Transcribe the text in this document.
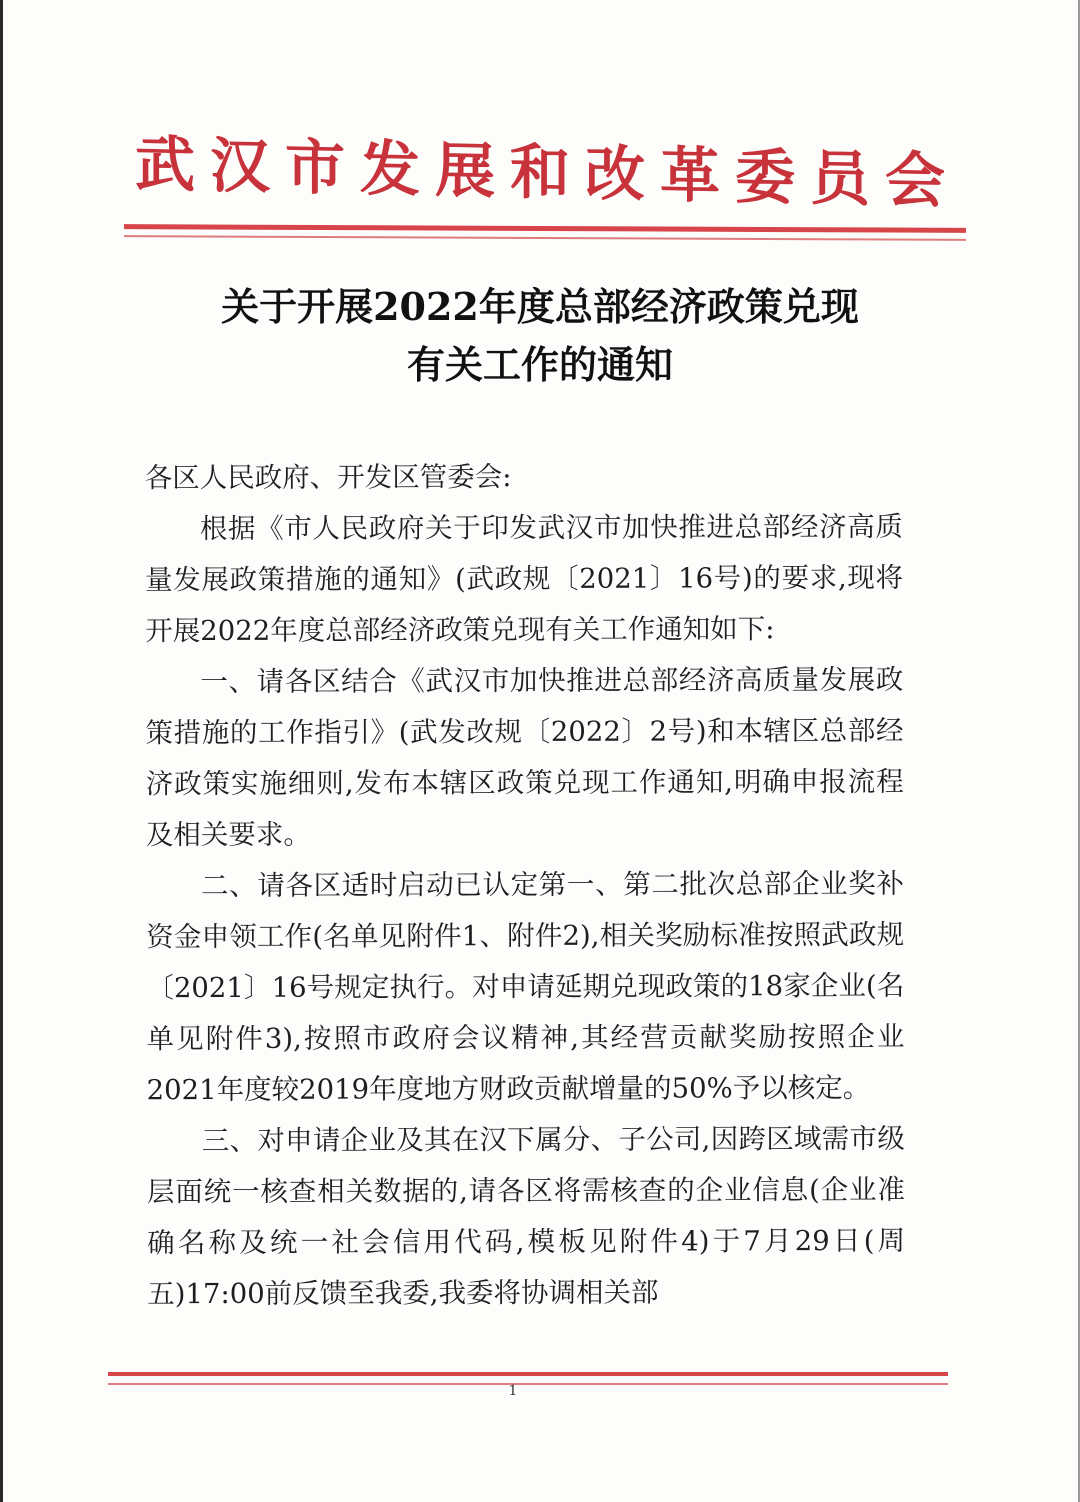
武 汉 市 发 展 和 改 革 委 员 会
关于开展2022年度总部经济政策兑现
有关工作的通知

各区人民政府、开发区管委会:

根据《市人民政府关于印发武汉市加快推进总部经济高质量发展政策措施的通知》(武政规〔2021〕16号)的要求,现将开展2022年度总部经济政策兑现有关工作通知如下:

一、请各区结合《武汉市加快推进总部经济高质量发展政策措施的工作指引》(武发改规〔2022〕2号)和本辖区总部经济政策实施细则,发布本辖区政策兑现工作通知,明确申报流程及相关要求。

二、请各区适时启动已认定第一、第二批次总部企业奖补资金申领工作(名单见附件1、附件2),相关奖励标准按照武政规〔2021〕16号规定执行。对申请延期兑现政策的18家企业(名单见附件3),按照市政府会议精神,其经营贡献奖励按照企业2021年度较2019年度地方财政贡献增量的50%予以核定。

三、对申请企业及其在汉下属分、子公司,因跨区域需市级层面统一核查相关数据的,请各区将需核查的企业信息(企业准确名称及统一社会信用代码,模板见附件4)于7月29日(周五)17:00前反馈至我委,我委将协调相关部

1
